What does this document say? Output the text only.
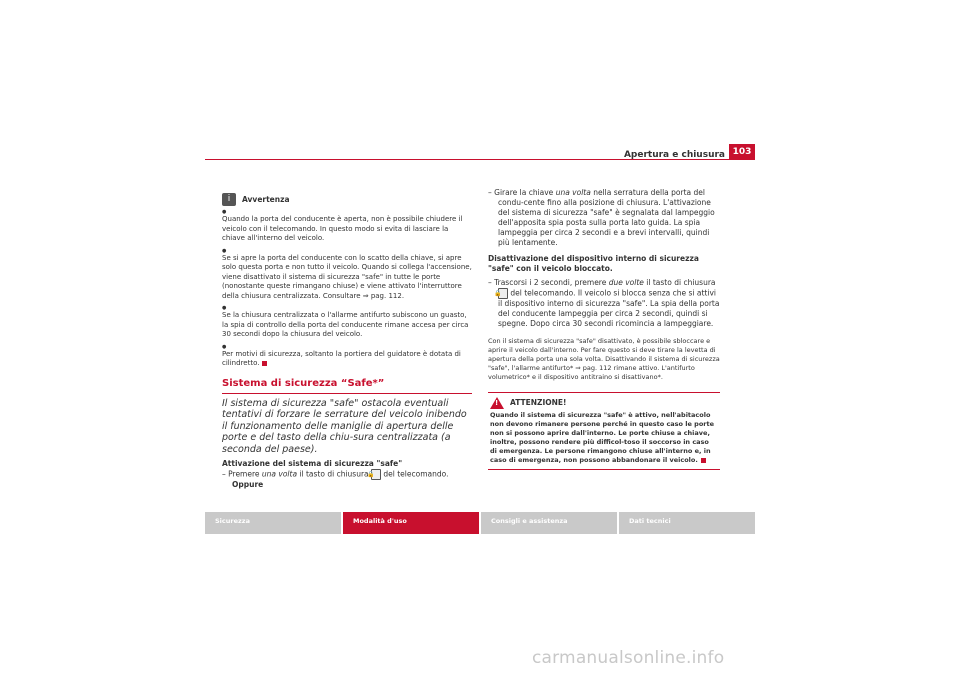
Apertura e chiusura 103
i	Avvertenza
● Quando la porta del conducente è aperta, non è possibile chiudere il veicolo con il telecomando. In questo modo si evita di lasciare la chiave all'interno del veicolo.
● Se si apre la porta del conducente con lo scatto della chiave, si apre solo questa porta e non tutto il veicolo. Quando si collega l'accensione, viene disattivato il sistema di sicurezza "safe" in tutte le porte (nonostante queste rimangano chiuse) e viene attivato l'interruttore della chiusura centralizzata. Consultare ⇒ pag. 112.
● Se la chiusura centralizzata o l'allarme antifurto subiscono un guasto, la spia di controllo della porta del conducente rimane accesa per circa 30 secondi dopo la chiusura del veicolo.
● Per motivi di sicurezza, soltanto la portiera del guidatore è dotata di cilindretto.
Sistema di sicurezza “Safe*”
Il sistema di sicurezza "safe" ostacola eventuali tentativi di forzare le serrature del veicolo inibendo il funzionamento delle maniglie di apertura delle porte e del tasto della chiu-sura centralizzata (a seconda del paese).
Attivazione del sistema di sicurezza "safe"
– Premere una volta il tasto di chiusura 🔒 del telecomando.
Oppure
– Girare la chiave una volta nella serratura della porta del condu-cente fino alla posizione di chiusura. L'attivazione del sistema di sicurezza "safe" è segnalata dal lampeggio dell'apposita spia posta sulla porta lato guida. La spia lampeggia per circa 2 secondi e a brevi intervalli, quindi più lentamente.
Disattivazione del dispositivo interno di sicurezza "safe" con il veicolo bloccato.
– Trascorsi i 2 secondi, premere due volte il tasto di chiusura 🔒 del telecomando. Il veicolo si blocca senza che si attivi il dispositivo interno di sicurezza "safe". La spia della porta del conducente lampeggia per circa 2 secondi, quindi si spegne. Dopo circa 30 secondi ricomincia a lampeggiare.
Con il sistema di sicurezza "safe" disattivato, è possibile sbloccare e aprire il veicolo dall'interno. Per fare questo si deve tirare la levetta di apertura della porta una sola volta. Disattivando il sistema di sicurezza "safe", l'allarme antifurto* ⇒ pag. 112 rimane attivo. L'antifurto volumetrico* e il dispositivo antitraino si disattivano*.
! ATTENZIONE!
Quando il sistema di sicurezza "safe" è attivo, nell'abitacolo non devono rimanere persone perché in questo caso le porte non si possono aprire dall'interno. Le porte chiuse a chiave, inoltre, possono rendere più difficol-toso il soccorso in caso di emergenza. Le persone rimangono chiuse all'interno e, in caso di emergenza, non possono abbandonare il veicolo.
Sicurezza	Modalità d'uso	Consigli e assistenza	Dati tecnici
carmanualsonline.info
